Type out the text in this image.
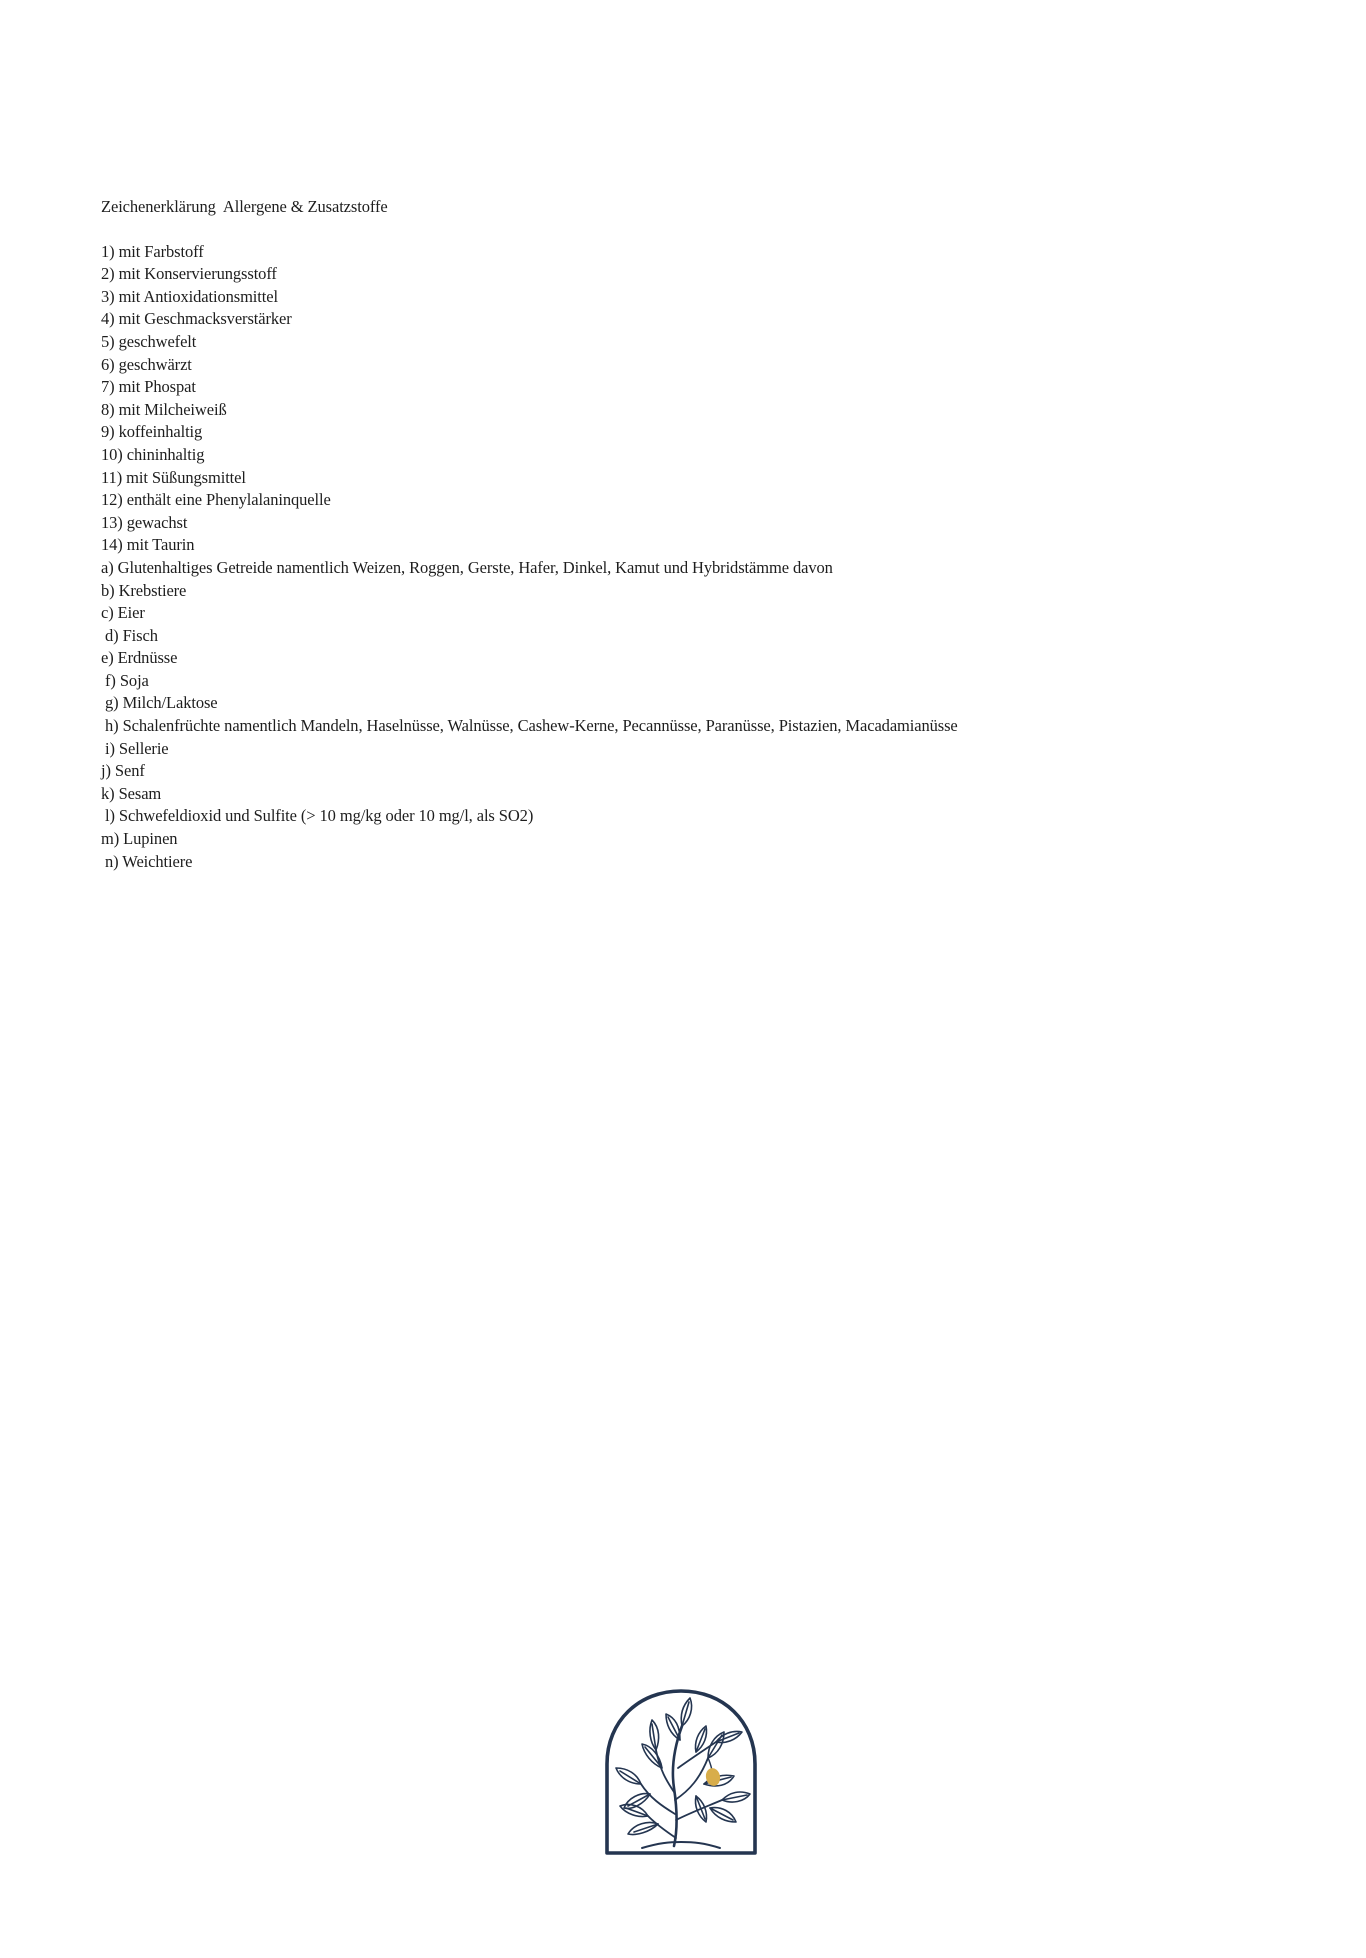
Zeichenerklärung  Allergene & Zusatzstoffe
1) mit Farbstoff
2) mit Konservierungsstoff
3) mit Antioxidationsmittel
4) mit Geschmacksverstärker
5) geschwefelt
6) geschwärzt
7) mit Phospat
8) mit Milcheiweiß
9) koffeinhaltig
10) chininhaltig
11) mit Süßungsmittel
12) enthält eine Phenylalaninquelle
13) gewachst
14) mit Taurin
a) Glutenhaltiges Getreide namentlich Weizen, Roggen, Gerste, Hafer, Dinkel, Kamut und Hybridstämme davon
b) Krebstiere
c) Eier
d) Fisch
e) Erdnüsse
f) Soja
g) Milch/Laktose
h) Schalenfrüchte namentlich Mandeln, Haselnüsse, Walnüsse, Cashew-Kerne, Pecannüsse, Paranüsse, Pistazien, Macadamianüsse
i) Sellerie
j) Senf
k) Sesam
l) Schwefeldioxid und Sulfite (> 10 mg/kg oder 10 mg/l, als SO2)
m) Lupinen
n) Weichtiere
